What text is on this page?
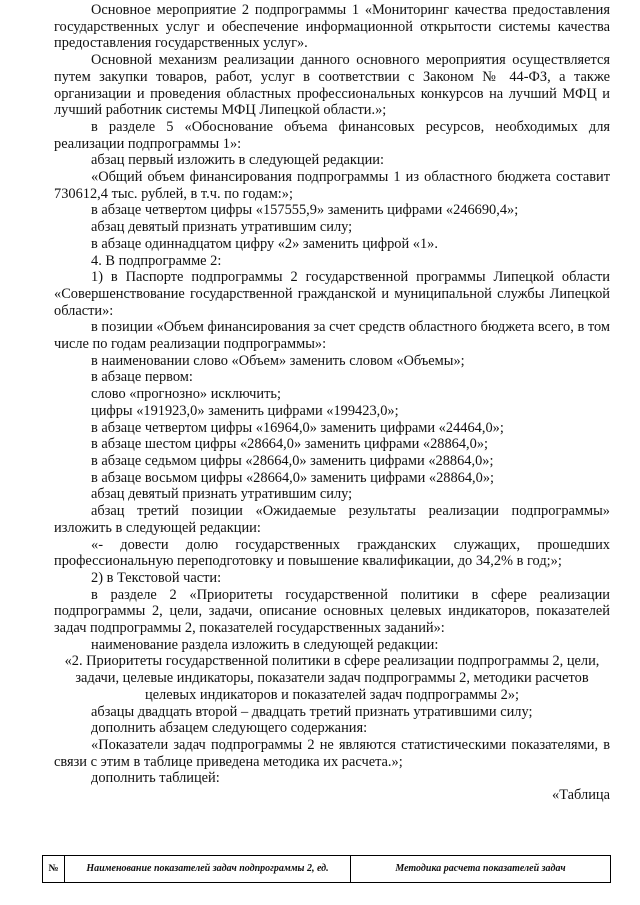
Основное мероприятие 2 подпрограммы 1 «Мониторинг качества предоставления государственных услуг и обеспечение информационной открытости системы качества предоставления государственных услуг».

Основной механизм реализации данного основного мероприятия осуществляется путем закупки товаров, работ, услуг в соответствии с Законом № 44-ФЗ, а также организации и проведения областных профессиональных конкурсов на лучший МФЦ и лучший работник системы МФЦ Липецкой области.»;

в разделе 5 «Обоснование объема финансовых ресурсов, необходимых для реализации подпрограммы 1»:

абзац первый изложить в следующей редакции:

«Общий объем финансирования подпрограммы 1 из областного бюджета составит 730612,4 тыс. рублей, в т.ч. по годам:»;

в абзаце четвертом цифры «157555,9» заменить цифрами «246690,4»;

абзац девятый признать утратившим силу;

в абзаце одиннадцатом цифру «2» заменить цифрой «1».

4. В подпрограмме 2:

1) в Паспорте подпрограммы 2 государственной программы Липецкой области «Совершенствование государственной гражданской и муниципальной службы Липецкой области»:

в позиции «Объем финансирования за счет средств областного бюджета всего, в том числе по годам реализации подпрограммы»:

в наименовании слово «Объем» заменить словом «Объемы»;

в абзаце первом:

слово «прогнозно» исключить;

цифры «191923,0» заменить цифрами «199423,0»;

в абзаце четвертом цифры «16964,0» заменить цифрами «24464,0»;

в абзаце шестом цифры «28664,0» заменить цифрами «28864,0»;

в абзаце седьмом цифры «28664,0» заменить цифрами «28864,0»;

в абзаце восьмом цифры «28664,0» заменить цифрами «28864,0»;

абзац девятый признать утратившим силу;

абзац третий позиции «Ожидаемые результаты реализации подпрограммы» изложить в следующей редакции:

«- довести долю государственных гражданских служащих, прошедших профессиональную переподготовку и повышение квалификации, до 34,2% в год;»;

2) в Текстовой части:

в разделе 2 «Приоритеты государственной политики в сфере реализации подпрограммы 2, цели, задачи, описание основных целевых индикаторов, показателей задач подпрограммы 2, показателей государственных заданий»:

наименование раздела изложить в следующей редакции:

«2. Приоритеты государственной политики в сфере реализации подпрограммы 2, цели, задачи, целевые индикаторы, показатели задач подпрограммы 2, методики расчетов целевых индикаторов и показателей задач подпрограммы 2»;

абзацы двадцать второй – двадцать третий признать утратившими силу;

дополнить абзацем следующего содержания:

«Показатели задач подпрограммы 2 не являются статистическими показателями, в связи с этим в таблице приведена методика их расчета.»;

дополнить таблицей:

«Таблица

№	Наименование показателей задач подпрограммы 2, ед.	Методика расчета показателей задач
